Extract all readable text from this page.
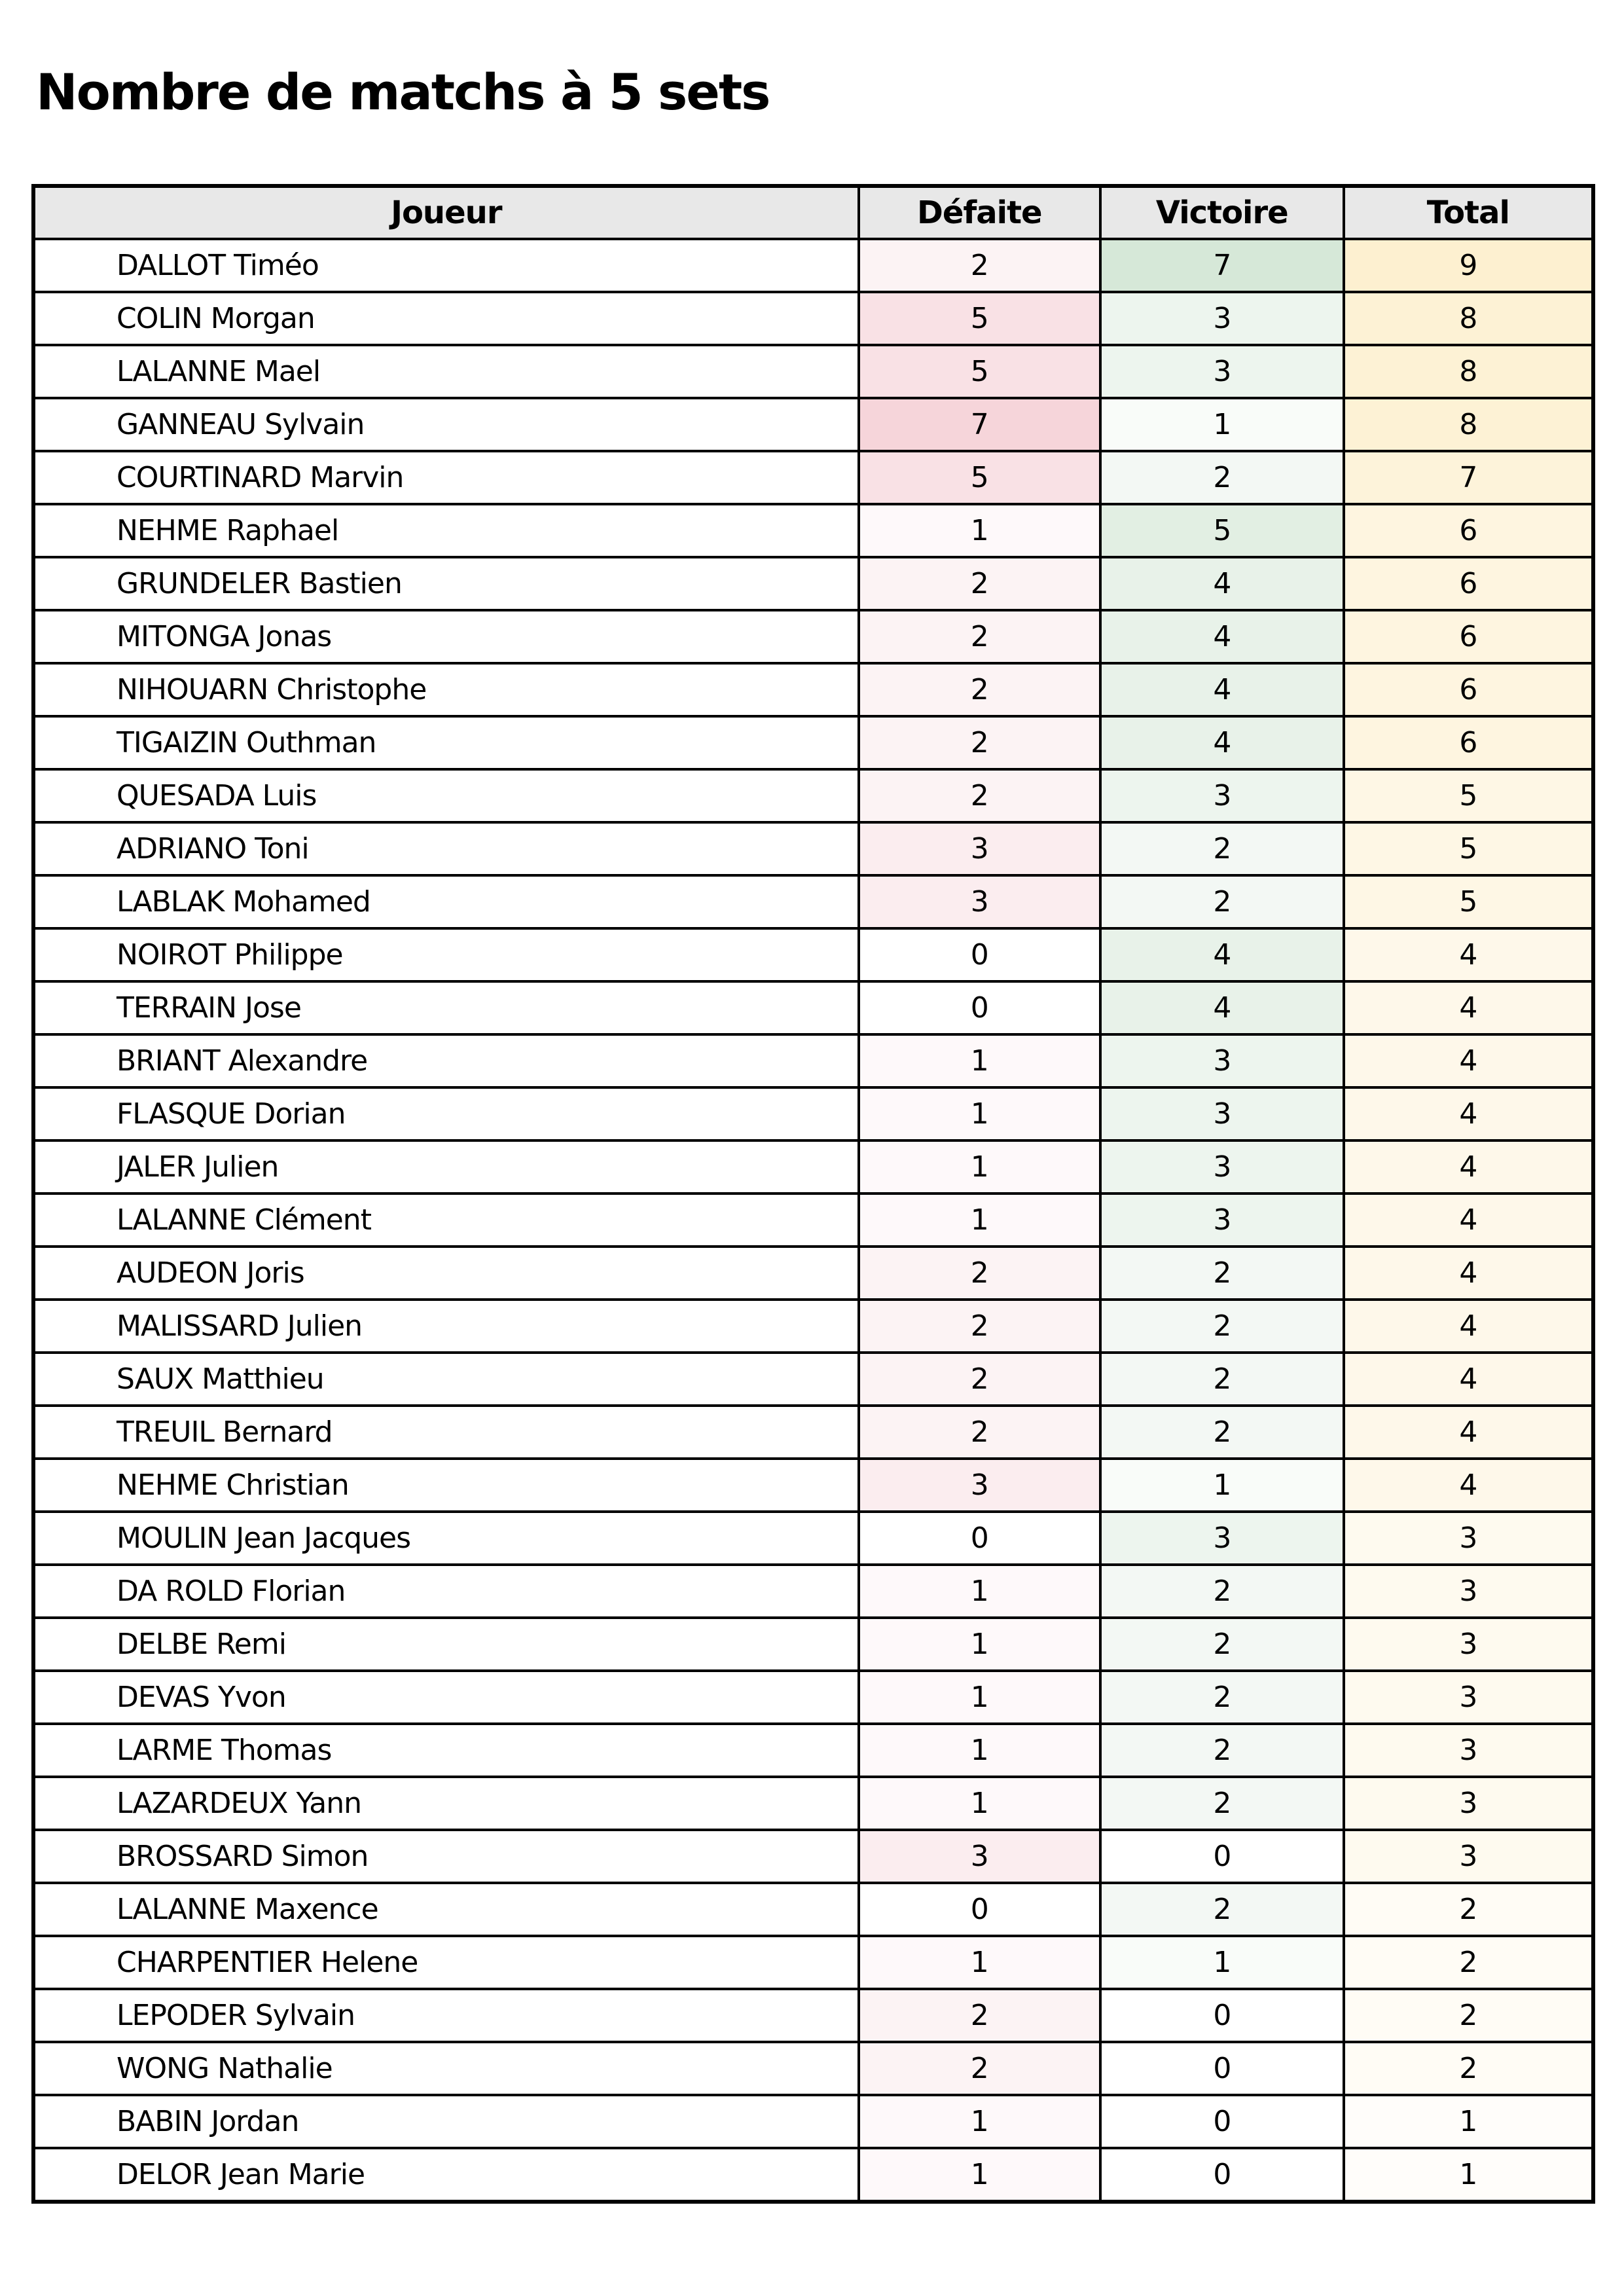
Nombre de matchs à 5 sets
Joueur	Défaite	Victoire	Total
DALLOT Timéo	2	7	9
COLIN Morgan	5	3	8
LALANNE Mael	5	3	8
GANNEAU Sylvain	7	1	8
COURTINARD Marvin	5	2	7
NEHME Raphael	1	5	6
GRUNDELER Bastien	2	4	6
MITONGA Jonas	2	4	6
NIHOUARN Christophe	2	4	6
TIGAIZIN Outhman	2	4	6
QUESADA Luis	2	3	5
ADRIANO Toni	3	2	5
LABLAK Mohamed	3	2	5
NOIROT Philippe	0	4	4
TERRAIN Jose	0	4	4
BRIANT Alexandre	1	3	4
FLASQUE Dorian	1	3	4
JALER Julien	1	3	4
LALANNE Clément	1	3	4
AUDEON Joris	2	2	4
MALISSARD Julien	2	2	4
SAUX Matthieu	2	2	4
TREUIL Bernard	2	2	4
NEHME Christian	3	1	4
MOULIN Jean Jacques	0	3	3
DA ROLD Florian	1	2	3
DELBE Remi	1	2	3
DEVAS Yvon	1	2	3
LARME Thomas	1	2	3
LAZARDEUX Yann	1	2	3
BROSSARD Simon	3	0	3
LALANNE Maxence	0	2	2
CHARPENTIER Helene	1	1	2
LEPODER Sylvain	2	0	2
WONG Nathalie	2	0	2
BABIN Jordan	1	0	1
DELOR Jean Marie	1	0	1
